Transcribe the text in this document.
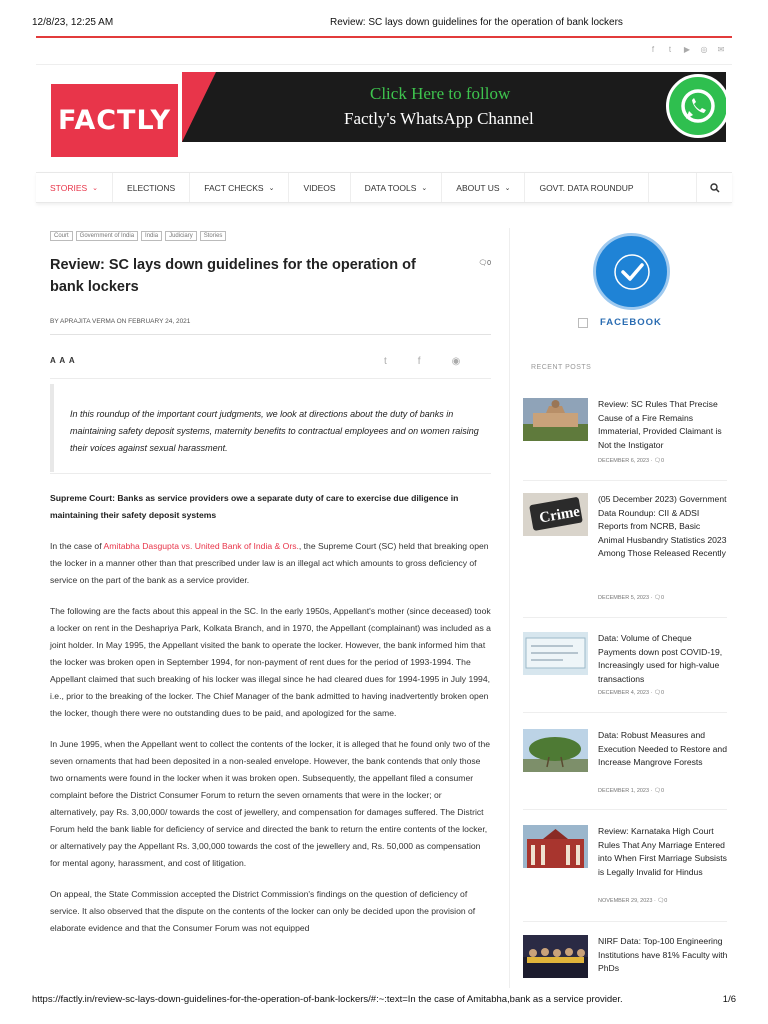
12/8/23, 12:25 AM	Review: SC lays down guidelines for the operation of bank lockers
f	t	▶ ◎ ✉
FACTLY
Click Here to follow
Factly's WhatsApp Channel
STORIES ⌄	ELECTIONS	FACT CHECKS ⌄	VIDEOS	DATA TOOLS ⌄	ABOUT US ⌄	GOVT. DATA ROUNDUP
Court	Government of India	India	Judiciary	Stories
Review: SC lays down guidelines for the operation of bank lockers
🗨0
BY APRAJITA VERMA ON FEBRUARY 24, 2021
A A A	t	f	◉
In this roundup of the important court judgments, we look at directions about the duty of banks in maintaining safety deposit systems, maternity benefits to contractual employees and on women raising their voices against sexual harassment.

Supreme Court: Banks as service providers owe a separate duty of care to exercise due diligence in maintaining their safety deposit systems

In the case of Amitabha Dasgupta vs. United Bank of India & Ors., the Supreme Court (SC) held that breaking open the locker in a manner other than that prescribed under law is an illegal act which amounts to gross deficiency of service on the part of the bank as a service provider.

The following are the facts about this appeal in the SC. In the early 1950s, Appellant's mother (since deceased) took a locker on rent in the Deshapriya Park, Kolkata Branch, and in 1970, the Appellant (complainant) was included as a joint holder. In May 1995, the Appellant visited the bank to operate the locker. However, the bank informed him that the locker was broken open in September 1994, for non-payment of rent dues for the period of 1993-1994. The Appellant claimed that such breaking of his locker was illegal since he had cleared dues for 1994-1995 in July 1994, i.e., prior to the breaking of the locker. The Chief Manager of the bank admitted to having inadvertently broken open the locker, though there were no outstanding dues to be paid, and apologized for the same.

In June 1995, when the Appellant went to collect the contents of the locker, it is alleged that he found only two of the seven ornaments that had been deposited in a non-sealed envelope. However, the bank contends that only those two ornaments were found in the locker when it was broken open. Subsequently, the appellant filed a consumer complaint before the District Consumer Forum to return the seven ornaments that were in the locker; or alternatively, pay Rs. 3,00,000/ towards the cost of jewellery, and compensation for damages suffered. The District Forum held the bank liable for deficiency of service and directed the bank to return the entire contents of the locker, or alternatively pay the Appellant Rs. 3,00,000 towards the cost of the jewellery and, Rs. 50,000 as compensation for mental agony, harassment, and cost of litigation.

On appeal, the State Commission accepted the District Commission's findings on the question of deficiency of service. It also observed that the dispute on the contents of the locker can only be decided upon the provision of elaborate evidence and that the Consumer Forum was not equipped

FACEBOOK
RECENT POSTS
Review: SC Rules That Precise Cause of a Fire Remains Immaterial, Provided Claimant is Not the Instigator
DECEMBER 6, 2023 · 🗨0
Crime
(05 December 2023) Government Data Roundup: CII & ADSI Reports from NCRB, Basic Animal Husbandry Statistics 2023 Among Those Released Recently
DECEMBER 5, 2023 · 🗨0
Data: Volume of Cheque Payments down post COVID-19, Increasingly used for high-value transactions
DECEMBER 4, 2023 · 🗨0
Data: Robust Measures and Execution Needed to Restore and Increase Mangrove Forests
DECEMBER 1, 2023 · 🗨0
Review: Karnataka High Court Rules That Any Marriage Entered into When First Marriage Subsists is Legally Invalid for Hindus
NOVEMBER 29, 2023 · 🗨0
NIRF Data: Top-100 Engineering Institutions have 81% Faculty with PhDs
https://factly.in/review-sc-lays-down-guidelines-for-the-operation-of-bank-lockers/#:~:text=In the case of Amitabha,bank as a service provider.	1/6
